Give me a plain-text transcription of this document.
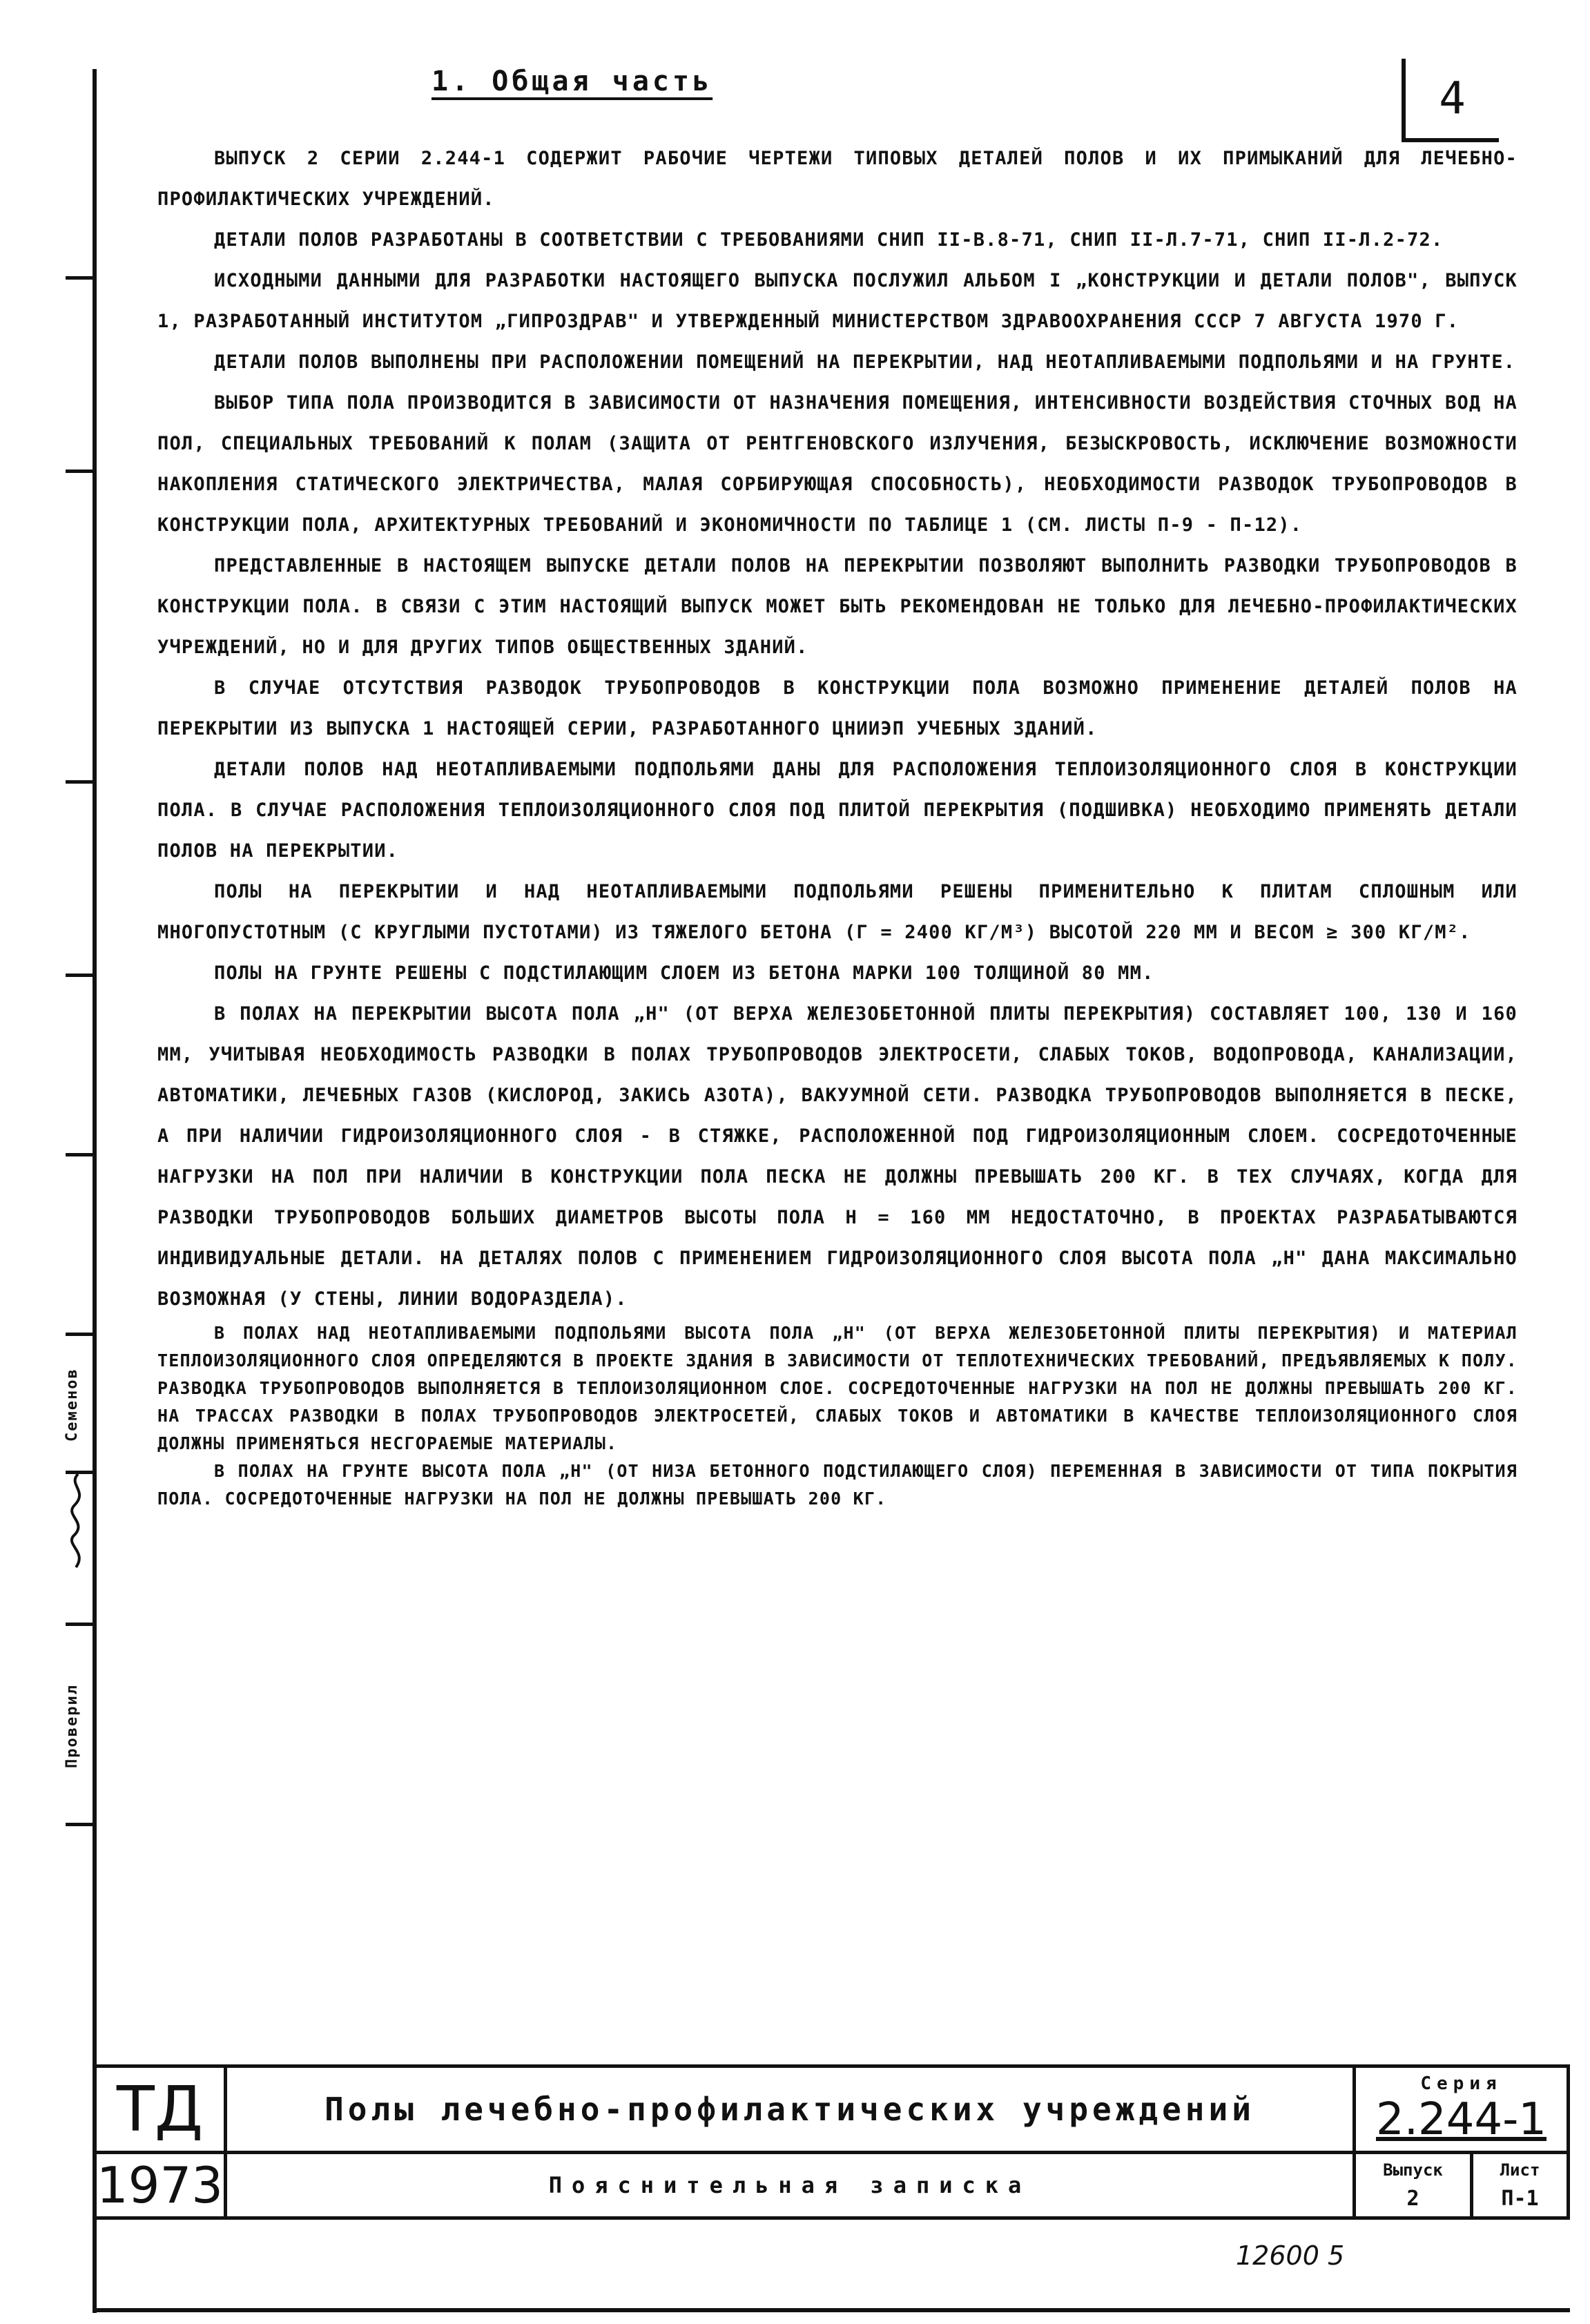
4
Проверил
Семенов
1. Общая часть

ВЫПУСК 2 СЕРИИ 2.244-1 СОДЕРЖИТ РАБОЧИЕ ЧЕРТЕЖИ ТИПОВЫХ ДЕТАЛЕЙ ПОЛОВ И ИХ ПРИМЫКАНИЙ ДЛЯ ЛЕЧЕБНО-ПРОФИЛАКТИЧЕСКИХ УЧРЕЖДЕНИЙ.

ДЕТАЛИ ПОЛОВ РАЗРАБОТАНЫ В СООТВЕТСТВИИ С ТРЕБОВАНИЯМИ СНИП II-В.8-71, СНИП II-Л.7-71, СНИП II-Л.2-72.

ИСХОДНЫМИ ДАННЫМИ ДЛЯ РАЗРАБОТКИ НАСТОЯЩЕГО ВЫПУСКА ПОСЛУЖИЛ АЛЬБОМ I „КОНСТРУКЦИИ И ДЕТАЛИ ПОЛОВ", ВЫПУСК 1, РАЗРАБОТАННЫЙ ИНСТИТУТОМ „ГИПРОЗДРАВ" И УТВЕРЖДЕННЫЙ МИНИСТЕРСТВОМ ЗДРАВООХРАНЕНИЯ СССР 7 АВГУСТА 1970 Г.

ДЕТАЛИ ПОЛОВ ВЫПОЛНЕНЫ ПРИ РАСПОЛОЖЕНИИ ПОМЕЩЕНИЙ НА ПЕРЕКРЫТИИ, НАД НЕОТАПЛИВАЕМЫМИ ПОДПОЛЬЯМИ И НА ГРУНТЕ.

ВЫБОР ТИПА ПОЛА ПРОИЗВОДИТСЯ В ЗАВИСИМОСТИ ОТ НАЗНАЧЕНИЯ ПОМЕЩЕНИЯ, ИНТЕНСИВНОСТИ ВОЗДЕЙСТВИЯ СТОЧНЫХ ВОД НА ПОЛ, СПЕЦИАЛЬНЫХ ТРЕБОВАНИЙ К ПОЛАМ (ЗАЩИТА ОТ РЕНТГЕНОВСКОГО ИЗЛУЧЕНИЯ, БЕЗЫСКРОВОСТЬ, ИСКЛЮЧЕНИЕ ВОЗМОЖНОСТИ НАКОПЛЕНИЯ СТАТИЧЕСКОГО ЭЛЕКТРИЧЕСТВА, МАЛАЯ СОРБИРУЮЩАЯ СПОСОБНОСТЬ), НЕОБХОДИМОСТИ РАЗВОДОК ТРУБОПРОВОДОВ В КОНСТРУКЦИИ ПОЛА, АРХИТЕКТУРНЫХ ТРЕБОВАНИЙ И ЭКОНОМИЧНОСТИ ПО ТАБЛИЦЕ 1 (СМ. ЛИСТЫ П-9 - П-12).

ПРЕДСТАВЛЕННЫЕ В НАСТОЯЩЕМ ВЫПУСКЕ ДЕТАЛИ ПОЛОВ НА ПЕРЕКРЫТИИ ПОЗВОЛЯЮТ ВЫПОЛНИТЬ РАЗВОДКИ ТРУБОПРОВОДОВ В КОНСТРУКЦИИ ПОЛА. В СВЯЗИ С ЭТИМ НАСТОЯЩИЙ ВЫПУСК МОЖЕТ БЫТЬ РЕКОМЕНДОВАН НЕ ТОЛЬКО ДЛЯ ЛЕЧЕБНО-ПРОФИЛАКТИЧЕСКИХ УЧРЕЖДЕНИЙ, НО И ДЛЯ ДРУГИХ ТИПОВ ОБЩЕСТВЕННЫХ ЗДАНИЙ.

В СЛУЧАЕ ОТСУТСТВИЯ РАЗВОДОК ТРУБОПРОВОДОВ В КОНСТРУКЦИИ ПОЛА ВОЗМОЖНО ПРИМЕНЕНИЕ ДЕТАЛЕЙ ПОЛОВ НА ПЕРЕКРЫТИИ ИЗ ВЫПУСКА 1 НАСТОЯЩЕЙ СЕРИИ, РАЗРАБОТАННОГО ЦНИИЭП УЧЕБНЫХ ЗДАНИЙ.

ДЕТАЛИ ПОЛОВ НАД НЕОТАПЛИВАЕМЫМИ ПОДПОЛЬЯМИ ДАНЫ ДЛЯ РАСПОЛОЖЕНИЯ ТЕПЛОИЗОЛЯЦИОННОГО СЛОЯ В КОНСТРУКЦИИ ПОЛА. В СЛУЧАЕ РАСПОЛОЖЕНИЯ ТЕПЛОИЗОЛЯЦИОННОГО СЛОЯ ПОД ПЛИТОЙ ПЕРЕКРЫТИЯ (ПОДШИВКА) НЕОБХОДИМО ПРИМЕНЯТЬ ДЕТАЛИ ПОЛОВ НА ПЕРЕКРЫТИИ.

ПОЛЫ НА ПЕРЕКРЫТИИ И НАД НЕОТАПЛИВАЕМЫМИ ПОДПОЛЬЯМИ РЕШЕНЫ ПРИМЕНИТЕЛЬНО К ПЛИТАМ СПЛОШНЫМ ИЛИ МНОГОПУСТОТНЫМ (С КРУГЛЫМИ ПУСТОТАМИ) ИЗ ТЯЖЕЛОГО БЕТОНА (Γ = 2400 КГ/М³) ВЫСОТОЙ 220 ММ И ВЕСОМ ≥ 300 КГ/М².

ПОЛЫ НА ГРУНТЕ РЕШЕНЫ С ПОДСТИЛАЮЩИМ СЛОЕМ ИЗ БЕТОНА МАРКИ 100 ТОЛЩИНОЙ 80 ММ.

В ПОЛАХ НА ПЕРЕКРЫТИИ ВЫСОТА ПОЛА „Н" (ОТ ВЕРХА ЖЕЛЕЗОБЕТОННОЙ ПЛИТЫ ПЕРЕКРЫТИЯ) СОСТАВЛЯЕТ 100, 130 И 160 ММ, УЧИТЫВАЯ НЕОБХОДИМОСТЬ РАЗВОДКИ В ПОЛАХ ТРУБОПРОВОДОВ ЭЛЕКТРОСЕТИ, СЛАБЫХ ТОКОВ, ВОДОПРОВОДА, КАНАЛИЗАЦИИ, АВТОМАТИКИ, ЛЕЧЕБНЫХ ГАЗОВ (КИСЛОРОД, ЗАКИСЬ АЗОТА), ВАКУУМНОЙ СЕТИ. РАЗВОДКА ТРУБОПРОВОДОВ ВЫПОЛНЯЕТСЯ В ПЕСКЕ, А ПРИ НАЛИЧИИ ГИДРОИЗОЛЯЦИОННОГО СЛОЯ - В СТЯЖКЕ, РАСПОЛОЖЕННОЙ ПОД ГИДРОИЗОЛЯЦИОННЫМ СЛОЕМ. СОСРЕДОТОЧЕННЫЕ НАГРУЗКИ НА ПОЛ ПРИ НАЛИЧИИ В КОНСТРУКЦИИ ПОЛА ПЕСКА НЕ ДОЛЖНЫ ПРЕВЫШАТЬ 200 КГ. В ТЕХ СЛУЧАЯХ, КОГДА ДЛЯ РАЗВОДКИ ТРУБОПРОВОДОВ БОЛЬШИХ ДИАМЕТРОВ ВЫСОТЫ ПОЛА Н = 160 ММ НЕДОСТАТОЧНО, В ПРОЕКТАХ РАЗРАБАТЫВАЮТСЯ ИНДИВИДУАЛЬНЫЕ ДЕТАЛИ. НА ДЕТАЛЯХ ПОЛОВ С ПРИМЕНЕНИЕМ ГИДРОИЗОЛЯЦИОННОГО СЛОЯ ВЫСОТА ПОЛА „Н" ДАНА МАКСИМАЛЬНО ВОЗМОЖНАЯ (У СТЕНЫ, ЛИНИИ ВОДОРАЗДЕЛА).

В ПОЛАХ НАД НЕОТАПЛИВАЕМЫМИ ПОДПОЛЬЯМИ ВЫСОТА ПОЛА „Н" (ОТ ВЕРХА ЖЕЛЕЗОБЕТОННОЙ ПЛИТЫ ПЕРЕКРЫТИЯ) И МАТЕРИАЛ ТЕПЛОИЗОЛЯЦИОННОГО СЛОЯ ОПРЕДЕЛЯЮТСЯ В ПРОЕКТЕ ЗДАНИЯ В ЗАВИСИМОСТИ ОТ ТЕПЛОТЕХНИЧЕСКИХ ТРЕБОВАНИЙ, ПРЕДЪЯВЛЯЕМЫХ К ПОЛУ. РАЗВОДКА ТРУБОПРОВОДОВ ВЫПОЛНЯЕТСЯ В ТЕПЛОИЗОЛЯЦИОННОМ СЛОЕ. СОСРЕДОТОЧЕННЫЕ НАГРУЗКИ НА ПОЛ НЕ ДОЛЖНЫ ПРЕВЫШАТЬ 200 КГ. НА ТРАССАХ РАЗВОДКИ В ПОЛАХ ТРУБОПРОВОДОВ ЭЛЕКТРОСЕТЕЙ, СЛАБЫХ ТОКОВ И АВТОМАТИКИ В КАЧЕСТВЕ ТЕПЛОИЗОЛЯЦИОННОГО СЛОЯ ДОЛЖНЫ ПРИМЕНЯТЬСЯ НЕСГОРАЕМЫЕ МАТЕРИАЛЫ.

В ПОЛАХ НА ГРУНТЕ ВЫСОТА ПОЛА „Н" (ОТ НИЗА БЕТОННОГО ПОДСТИЛАЮЩЕГО СЛОЯ) ПЕРЕМЕННАЯ В ЗАВИСИМОСТИ ОТ ТИПА ПОКРЫТИЯ ПОЛА. СОСРЕДОТОЧЕННЫЕ НАГРУЗКИ НА ПОЛ НЕ ДОЛЖНЫ ПРЕВЫШАТЬ 200 КГ.

ТД
1973
Полы лечебно-профилактических учреждений
Пояснительная записка
Серия
2.244-1
Выпуск
2
Лист
П-1
12600 5
